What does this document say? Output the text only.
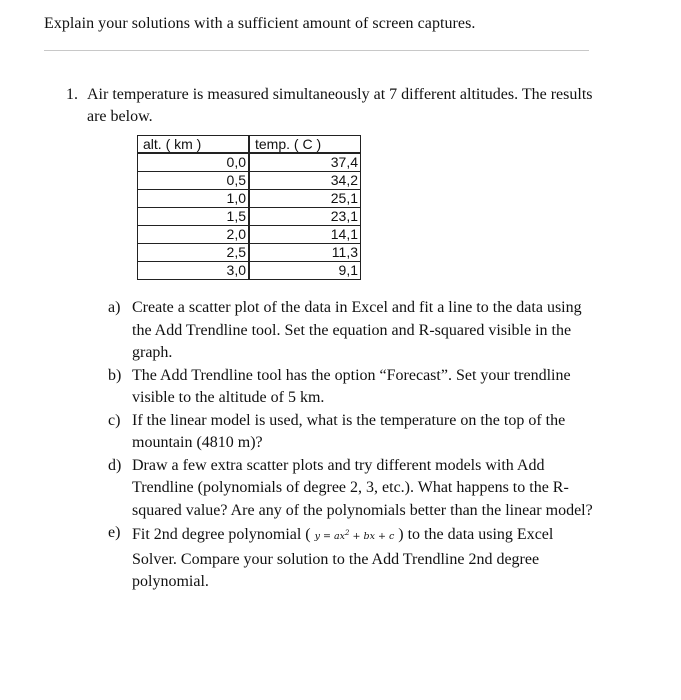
Explain your solutions with a sufficient amount of screen captures.
1. Air temperature is measured simultaneously at 7 different altitudes. The results are below.
alt. ( km )	temp. ( C )
0,0	37,4
0,5	34,2
1,0	25,1
1,5	23,1
2,0	14,1
2,5	11,3
3,0	9,1
a) Create a scatter plot of the data in Excel and fit a line to the data using the Add Trendline tool. Set the equation and R-squared visible in the graph.
b) The Add Trendline tool has the option “Forecast”. Set your trendline visible to the altitude of 5 km.
c) If the linear model is used, what is the temperature on the top of the mountain (4810 m)?
d) Draw a few extra scatter plots and try different models with Add Trendline (polynomials of degree 2, 3, etc.). What happens to the R-squared value? Are any of the polynomials better than the linear model?
e) Fit 2nd degree polynomial ( $y = ax^2$ + bx + c ) to the data using Excel Solver. Compare your solution to the Add Trendline 2nd degree polynomial.
